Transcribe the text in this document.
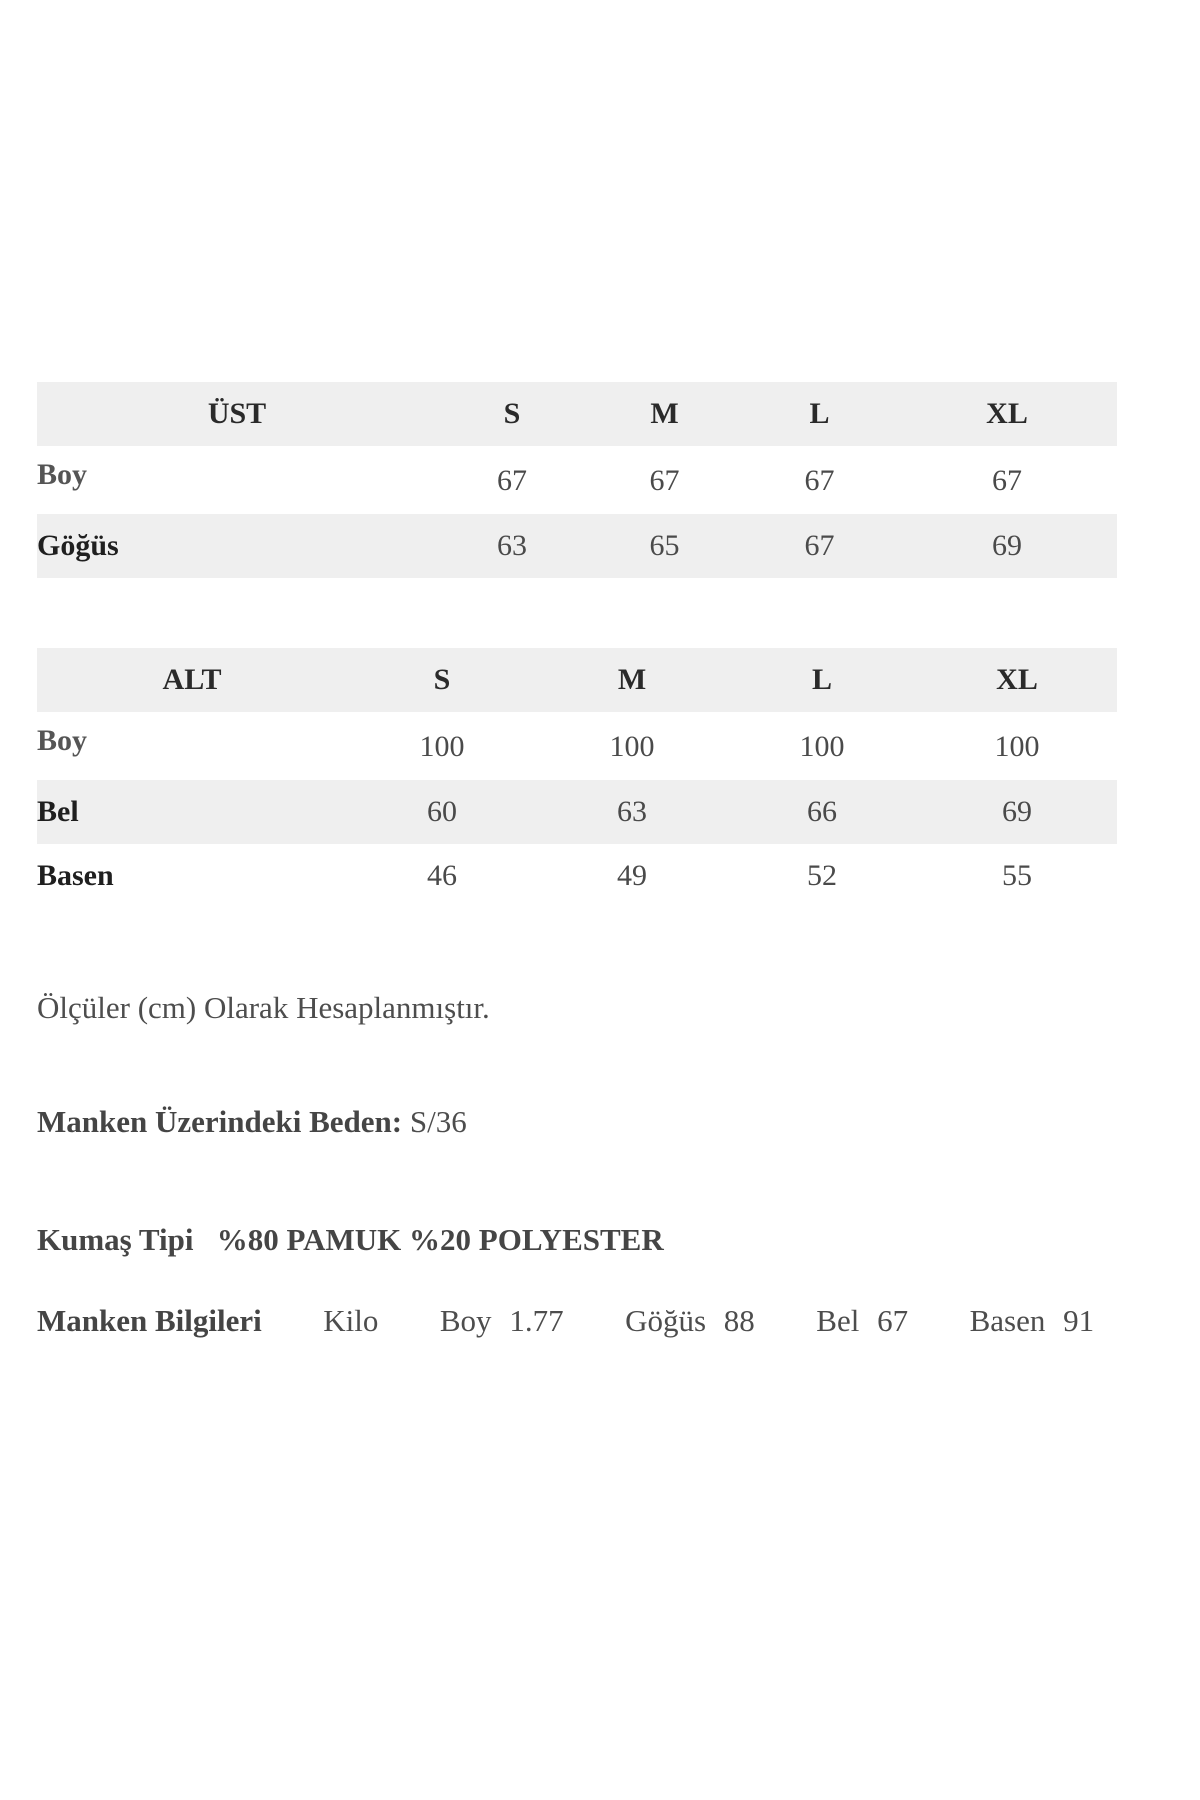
ÜST	S	M	L	XL
Boy	67	67	67	67
Göğüs	63	65	67	69
ALT	S	M	L	XL
Boy	100	100	100	100
Bel	60	63	66	69
Basen	46	49	52	55
Ölçüler (cm) Olarak Hesaplanmıştır.
Manken Üzerindeki Beden: S/36
Kumaş Tipi %80 PAMUK %20 POLYESTER
Manken Bilgileri Kilo Boy 1.77 Göğüs 88 Bel 67 Basen 91
